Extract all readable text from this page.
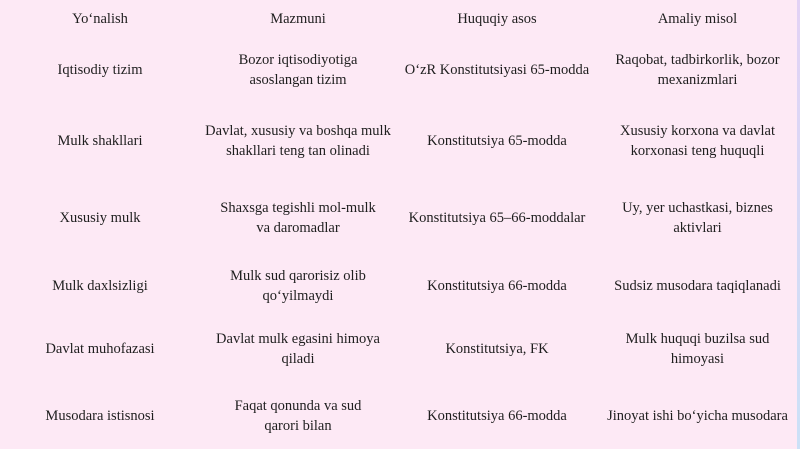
Yo‘nalish	Mazmuni	Huquqiy asos	Amaliy misol
Iqtisodiy tizim	Bozor iqtisodiyotiga asoslangan tizim	O‘zR Konstitutsiyasi 65-modda	Raqobat, tadbirkorlik, bozor mexanizmlari
Mulk shakllari	Davlat, xususiy va boshqa mulk shakllari teng tan olinadi	Konstitutsiya 65-modda	Xususiy korxona va davlat korxonasi teng huquqli
Xususiy mulk	Shaxsga tegishli mol-mulk va daromadlar	Konstitutsiya 65–66-moddalar	Uy, yer uchastkasi, biznes aktivlari
Mulk daxlsizligi	Mulk sud qarorisiz olib qo‘yilmaydi	Konstitutsiya 66-modda	Sudsiz musodara taqiqlanadi
Davlat muhofazasi	Davlat mulk egasini himoya qiladi	Konstitutsiya, FK	Mulk huquqi buzilsa sud himoyasi
Musodara istisnosi	Faqat qonunda va sud qarori bilan	Konstitutsiya 66-modda	Jinoyat ishi bo‘yicha musodara
